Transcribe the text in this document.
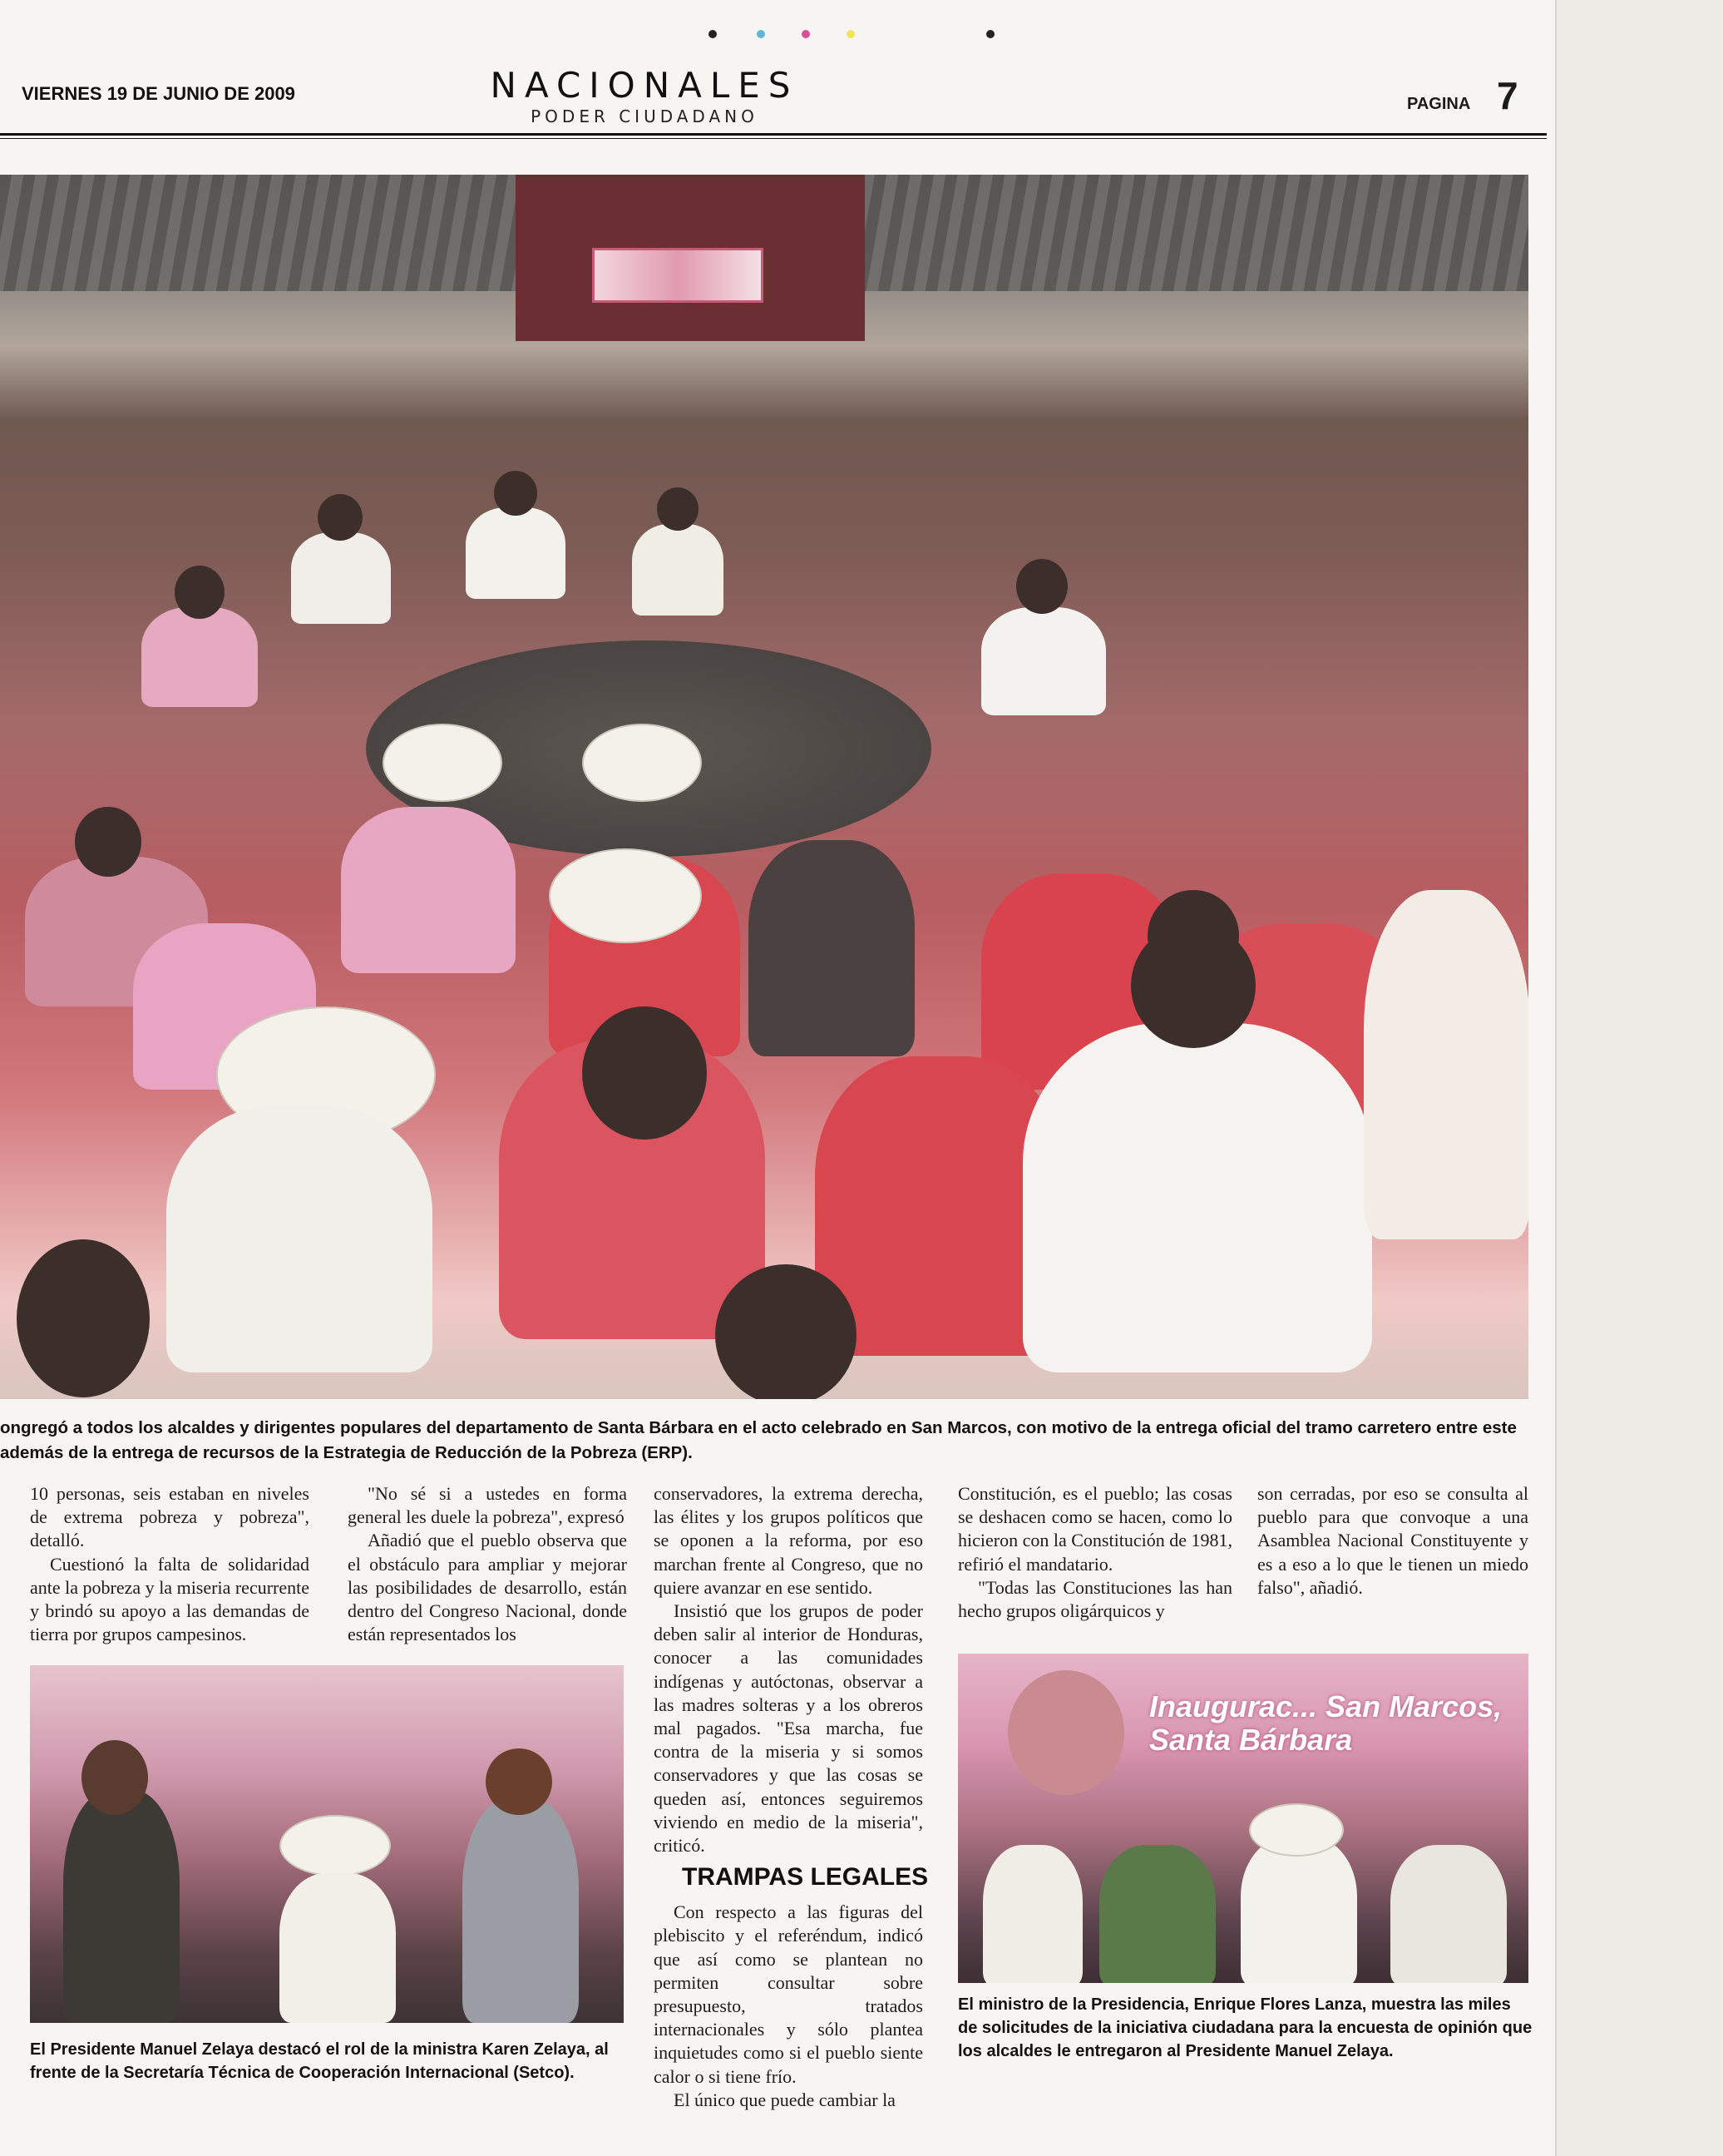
VIERNES 19 DE JUNIO DE 2009	NACIONALES
PODER CIUDADANO
PAGINA 7
ongregó a todos los alcaldes y dirigentes populares del departamento de Santa Bárbara en el acto celebrado en San Marcos, con motivo de la entrega oficial del tramo carretero entre este
además de la entrega de recursos de la Estrategia de Reducción de la Pobreza (ERP).

10 personas, seis estaban en niveles de extrema pobreza y pobreza", detalló.

Cuestionó la falta de solidaridad ante la pobreza y la miseria recurrente y brindó su apoyo a las demandas de tierra por grupos campesinos.

"No sé si a ustedes en forma general les duele la pobreza", expresó

Añadió que el pueblo observa que el obstáculo para ampliar y mejorar las posibilidades de desarrollo, están dentro del Congreso Nacional, donde están representados los

conservadores, la extrema derecha, las élites y los grupos políticos que se oponen a la reforma, por eso marchan frente al Congreso, que no quiere avanzar en ese sentido.

Insistió que los grupos de poder deben salir al interior de Honduras, conocer a las comunidades indígenas y autóctonas, observar a las madres solteras y a los obreros mal pagados. "Esa marcha, fue contra de la miseria y si somos conservadores y que las cosas se queden así, entonces seguiremos viviendo en medio de la miseria", criticó.

Con respecto a las figuras del plebiscito y el referéndum, indicó que así como se plantean no permiten consultar sobre presupuesto, tratados internacionales y sólo plantea inquietudes como si el pueblo siente calor o si tiene frío.

El único que puede cambiar la

TRAMPAS LEGALES

Constitución, es el pueblo; las cosas se deshacen como se hacen, como lo hicieron con la Constitución de 1981, refirió el mandatario.

"Todas las Constituciones las han hecho grupos oligárquicos y

son cerradas, por eso se consulta al pueblo para que convoque a una Asamblea Nacional Constituyente y es a eso a lo que le tienen un miedo falso", añadió.

El Presidente Manuel Zelaya destacó el rol de la ministra Karen Zelaya, al
frente de la Secretaría Técnica de Cooperación Internacional (Setco).
Inaugurac... San Marcos, Santa Bárbara
El ministro de la Presidencia, Enrique Flores Lanza, muestra las miles
de solicitudes de la iniciativa ciudadana para la encuesta de opinión que
los alcaldes le entregaron al Presidente Manuel Zelaya.
